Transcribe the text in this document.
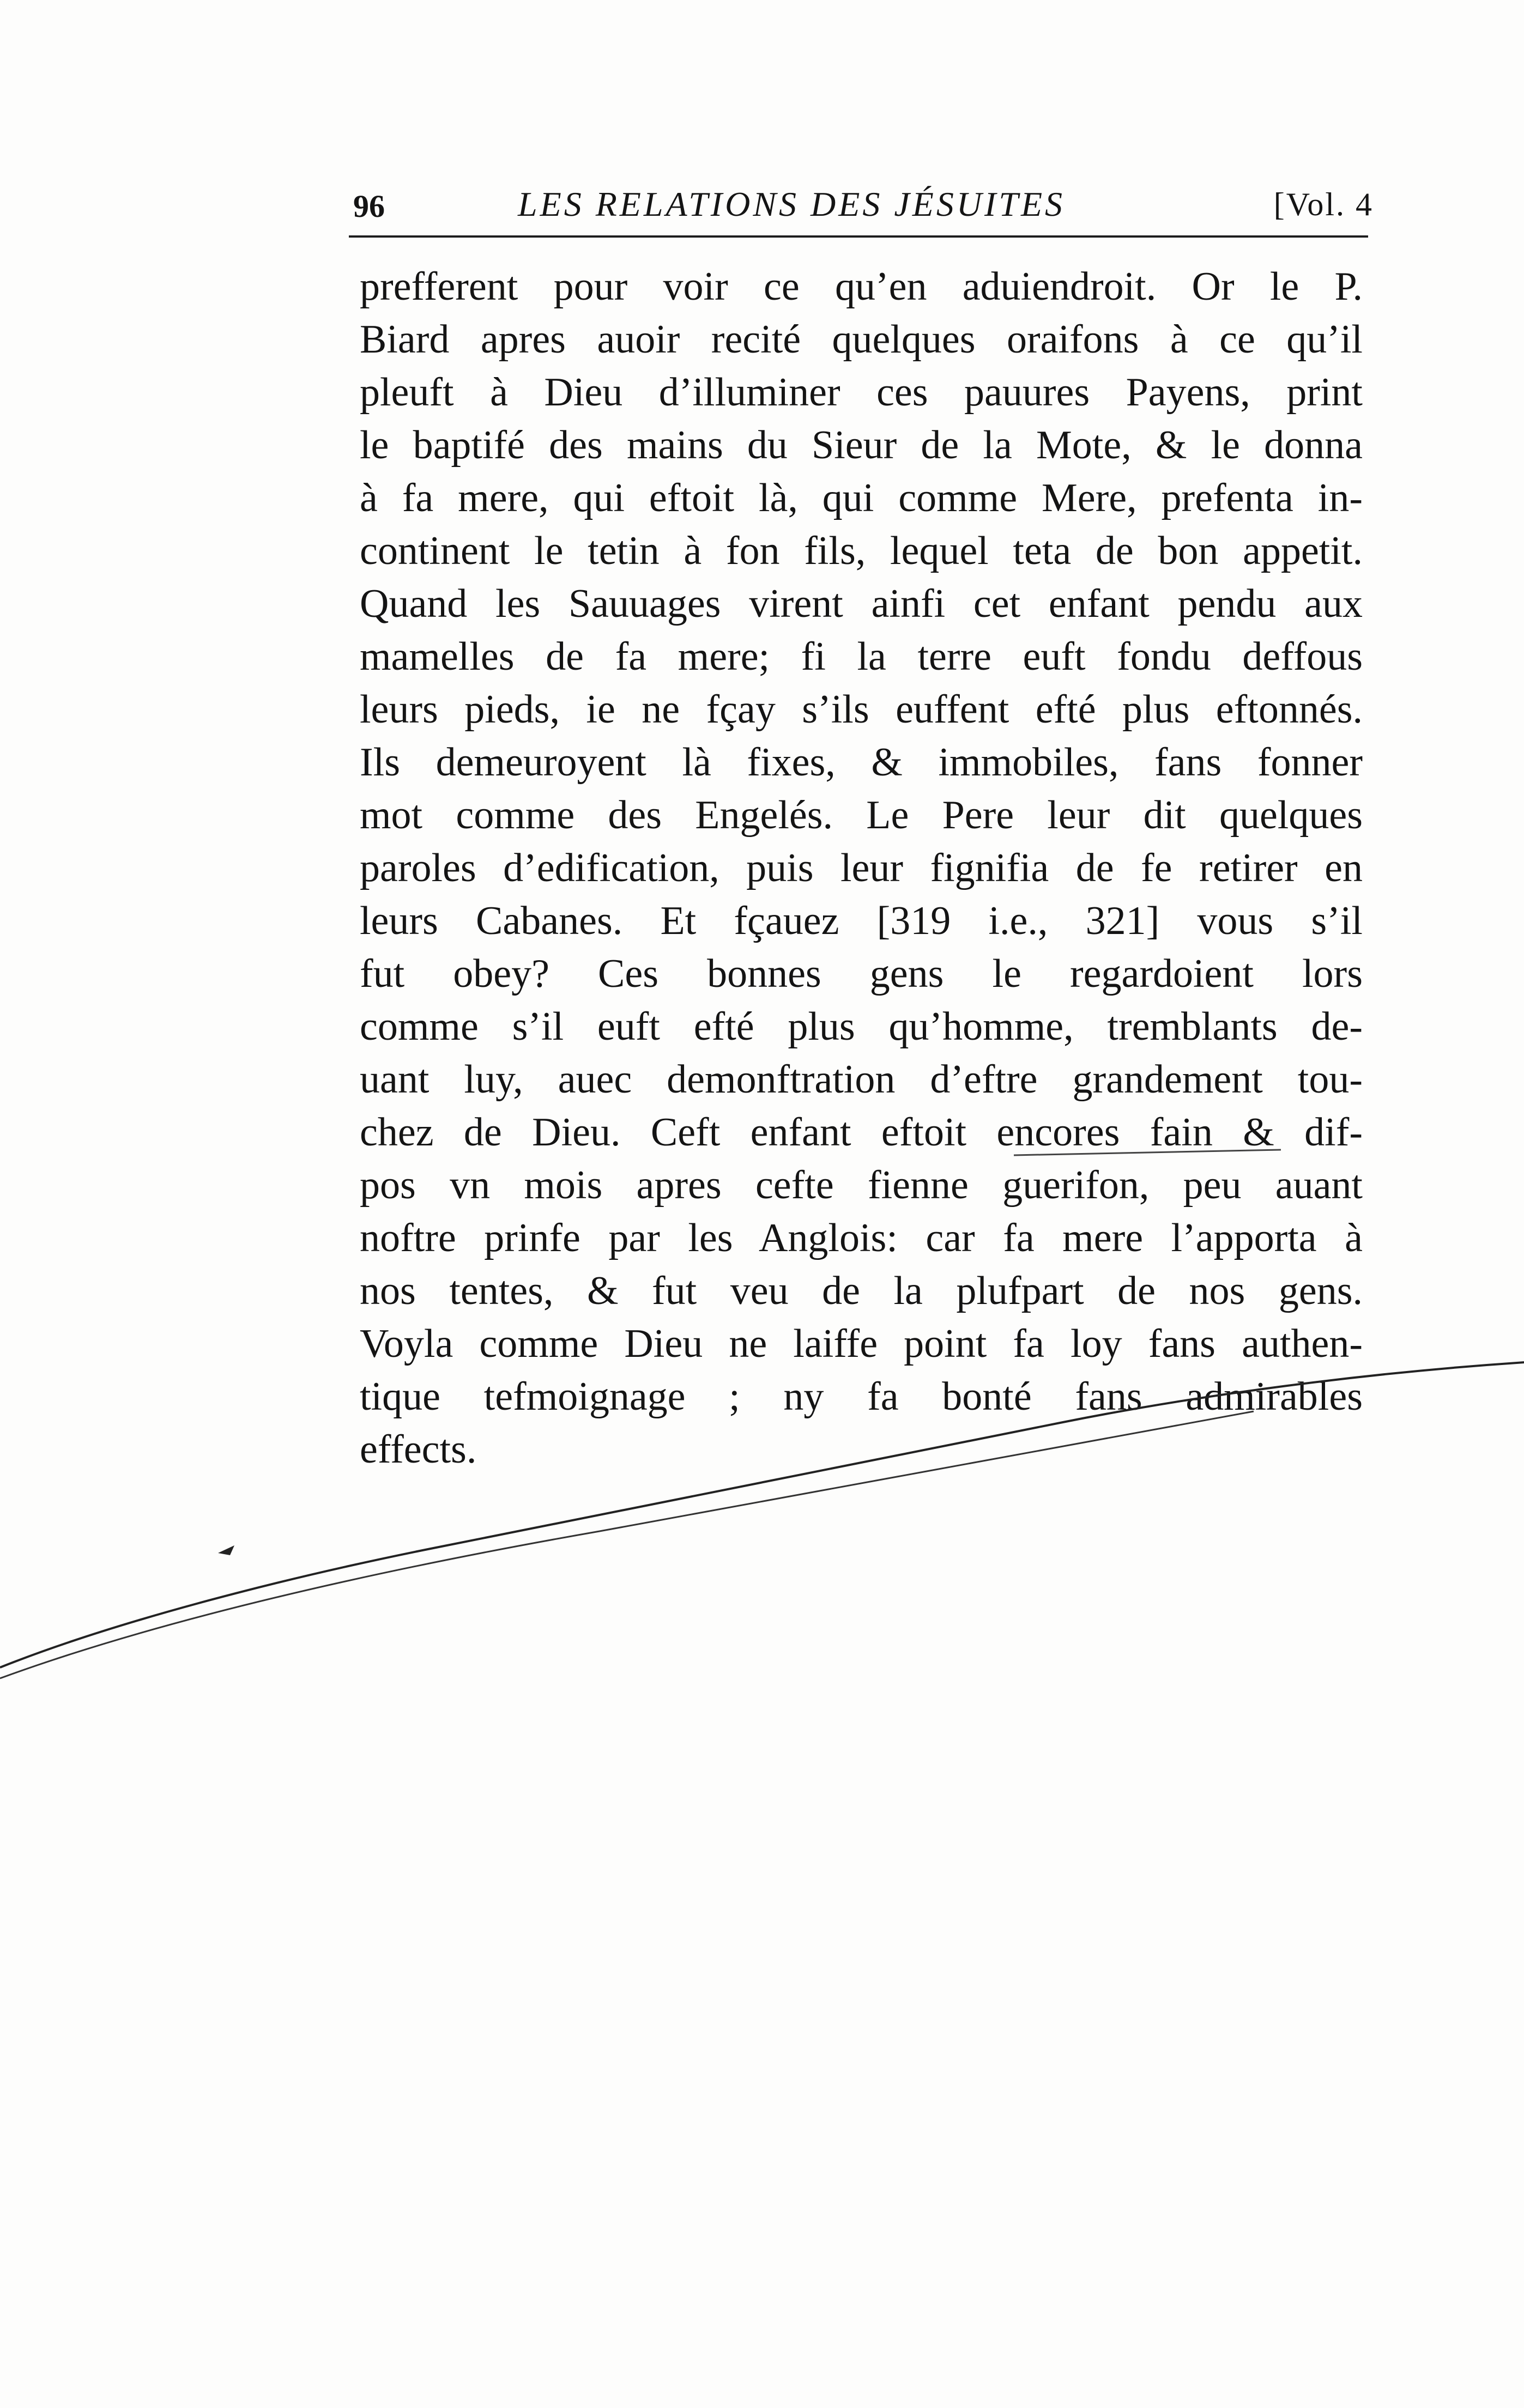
96	LES RELATIONS DES JÉSUITES	[Vol. 4
prefferent pour voir ce qu’en aduiendroit. Or le P.
Biard apres auoir recité quelques oraifons à ce qu’il
pleuft à Dieu d’illuminer ces pauures Payens, print
le baptifé des mains du Sieur de la Mote, & le donna
à fa mere, qui eftoit là, qui comme Mere, prefenta in-
continent le tetin à fon fils, lequel teta de bon appetit.
Quand les Sauuages virent ainfi cet enfant pendu aux
mamelles de fa mere; fi la terre euft fondu deffous
leurs pieds, ie ne fçay s’ils euffent efté plus eftonnés.
Ils demeuroyent là fixes, & immobiles, fans fonner
mot comme des Engelés. Le Pere leur dit quelques
paroles d’edification, puis leur fignifia de fe retirer en
leurs Cabanes. Et fçauez [319 i.e., 321] vous s’il
fut obey? Ces bonnes gens le regardoient lors
comme s’il euft efté plus qu’homme, tremblants de-
uant luy, auec demonftration d’eftre grandement tou-
chez de Dieu. Ceft enfant eftoit encores fain & dif-
pos vn mois apres cefte fienne guerifon, peu auant
noftre prinfe par les Anglois: car fa mere l’apporta à
nos tentes, & fut veu de la plufpart de nos gens.
Voyla comme Dieu ne laiffe point fa loy fans authen-
tique tefmoignage ; ny fa bonté fans admirables
effects.
